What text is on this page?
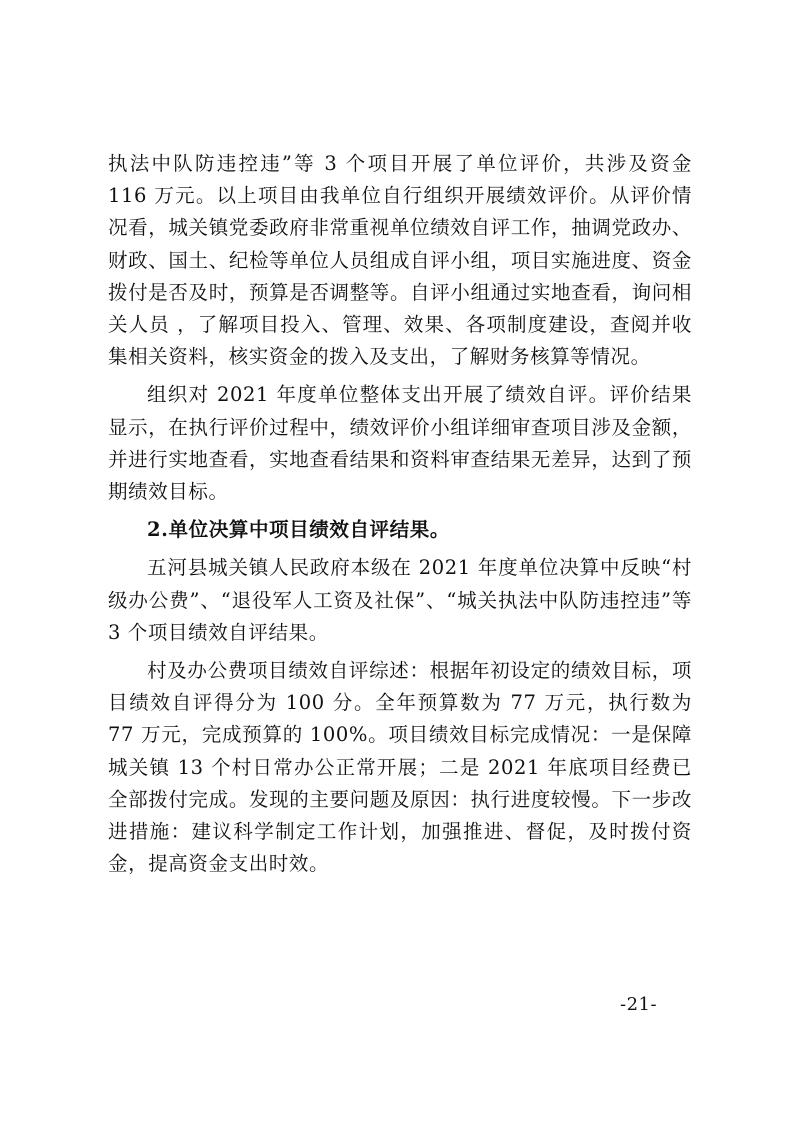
执法中队防违控违”等 3 个项目开展了单位评价，共涉及资金 116 万元。以上项目由我单位自行组织开展绩效评价。从评价情况看，城关镇党委政府非常重视单位绩效自评工作，抽调党政办、财政、国土、纪检等单位人员组成自评小组，项目实施进度、资金拨付是否及时，预算是否调整等。自评小组通过实地查看，询问相关人员 ，了解项目投入、管理、效果、各项制度建设，查阅并收集相关资料，核实资金的拨入及支出，了解财务核算等情况。

组织对 2021 年度单位整体支出开展了绩效自评。评价结果显示，在执行评价过程中，绩效评价小组详细审查项目涉及金额，并进行实地查看，实地查看结果和资料审查结果无差异，达到了预期绩效目标。

2.单位决算中项目绩效自评结果。

五河县城关镇人民政府本级在 2021 年度单位决算中反映“村级办公费”、“退役军人工资及社保”、“城关执法中队防违控违”等 3 个项目绩效自评结果。

村及办公费项目绩效自评综述：根据年初设定的绩效目标，项目绩效自评得分为 100 分。全年预算数为 77 万元，执行数为 77 万元，完成预算的 100%。项目绩效目标完成情况：一是保障城关镇 13 个村日常办公正常开展；二是 2021 年底项目经费已全部拨付完成。发现的主要问题及原因：执行进度较慢。下一步改进措施：建议科学制定工作计划，加强推进、督促，及时拨付资金，提高资金支出时效。

-21-
